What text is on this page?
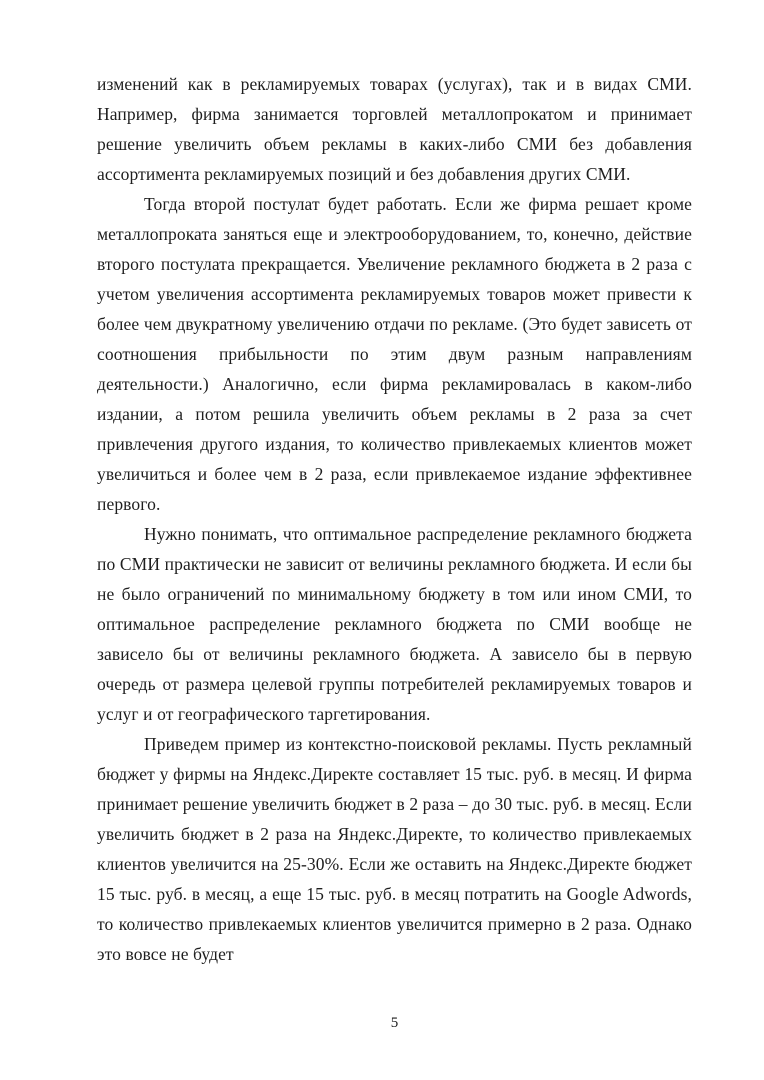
изменений как в рекламируемых товарах (услугах), так и в видах СМИ. Например, фирма занимается торговлей металлопрокатом и принимает решение увеличить объем рекламы в каких-либо СМИ без добавления ассортимента рекламируемых позиций и без добавления других СМИ.

Тогда второй постулат будет работать. Если же фирма решает кроме металлопроката заняться еще и электрооборудованием, то, конечно, действие второго постулата прекращается. Увеличение рекламного бюджета в 2 раза с учетом увеличения ассортимента рекламируемых товаров может привести к более чем двукратному увеличению отдачи по рекламе. (Это будет зависеть от соотношения прибыльности по этим двум разным направлениям деятельности.) Аналогично, если фирма рекламировалась в каком-либо издании, а потом решила увеличить объем рекламы в 2 раза за счет привлечения другого издания, то количество привлекаемых клиентов может увеличиться и более чем в 2 раза, если привлекаемое издание эффективнее первого.

Нужно понимать, что оптимальное распределение рекламного бюджета по СМИ практически не зависит от величины рекламного бюджета. И если бы не было ограничений по минимальному бюджету в том или ином СМИ, то оптимальное распределение рекламного бюджета по СМИ вообще не зависело бы от величины рекламного бюджета. А зависело бы в первую очередь от размера целевой группы потребителей рекламируемых товаров и услуг и от географического таргетирования.

Приведем пример из контекстно-поисковой рекламы. Пусть рекламный бюджет у фирмы на Яндекс.Директе составляет 15 тыс. руб. в месяц. И фирма принимает решение увеличить бюджет в 2 раза – до 30 тыс. руб. в месяц. Если увеличить бюджет в 2 раза на Яндекс.Директе, то количество привлекаемых клиентов увеличится на 25-30%. Если же оставить на Яндекс.Директе бюджет 15 тыс. руб. в месяц, а еще 15 тыс. руб. в месяц потратить на Google Adwords, то количество привлекаемых клиентов увеличится примерно в 2 раза. Однако это вовсе не будет

5
